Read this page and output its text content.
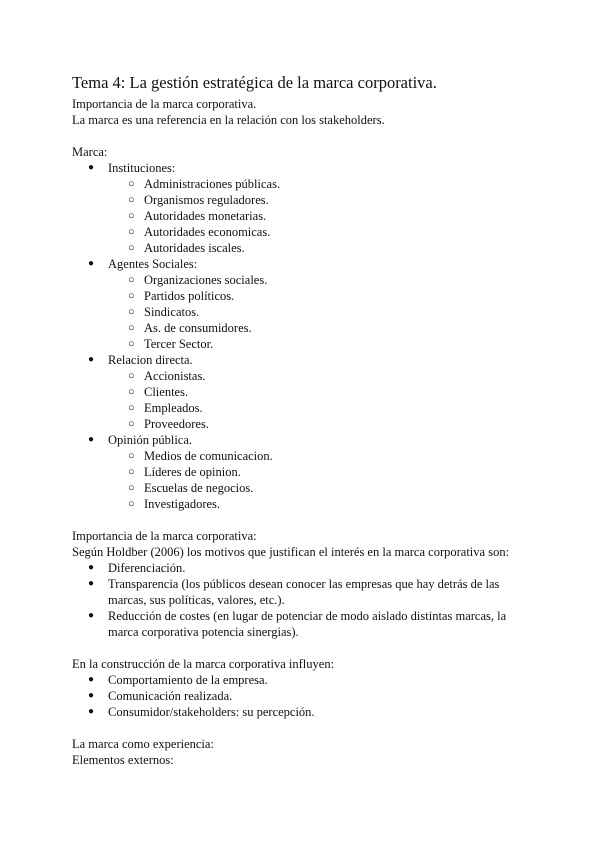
Tema 4: La gestión estratégica de la marca corporativa.

Importancia de la marca corporativa.

La marca es una referencia en la relación con los stakeholders.

Marca:

● Instituciones:
○ Administraciones públicas.
○ Organismos reguladores.
○ Autoridades monetarias.
○ Autoridades economicas.
○ Autoridades iscales.
● Agentes Sociales:
○ Organizaciones sociales.
○ Partidos políticos.
○ Sindicatos.
○ As. de consumidores.
○ Tercer Sector.
● Relacion directa.
○ Accionistas.
○ Clientes.
○ Empleados.
○ Proveedores.
● Opinión pública.
○ Medios de comunicacion.
○ Líderes de opinion.
○ Escuelas de negocios.
○ Investigadores.

Importancia de la marca corporativa:

Según Holdber (2006) los motivos que justifican el interés en la marca corporativa son:

● Diferenciación.
● Transparencia (los públicos desean conocer las empresas que hay detrás de las marcas, sus políticas, valores, etc.).
● Reducción de costes (en lugar de potenciar de modo aislado distintas marcas, la marca corporativa potencia sinergias).

En la construcción de la marca corporativa influyen:

● Comportamiento de la empresa.
● Comunicación realizada.
● Consumidor/stakeholders: su percepción.

La marca como experiencia:

Elementos externos:
